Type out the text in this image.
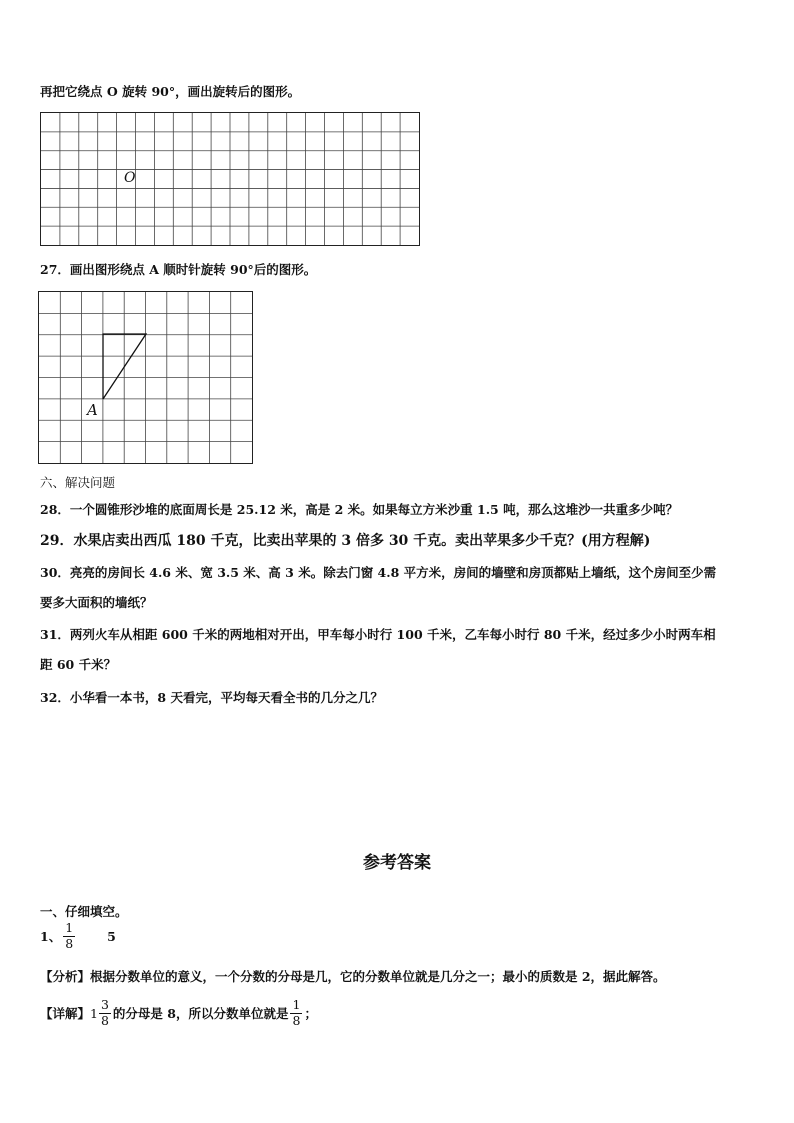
再把它绕点 O 旋转 90°，画出旋转后的图形。
O
27．画出图形绕点 A 顺时针旋转 90°后的图形。
A
六、解决问题
28．一个圆锥形沙堆的底面周长是 25.12 米，高是 2 米。如果每立方米沙重 1.5 吨，那么这堆沙一共重多少吨？
29．水果店卖出西瓜 180 千克，比卖出苹果的 3 倍多 30 千克。卖出苹果多少千克？(用方程解)
30．亮亮的房间长 4.6 米、宽 3.5 米、高 3 米。除去门窗 4.8 平方米，房间的墙壁和房顶都贴上墙纸，这个房间至少需
要多大面积的墙纸？
31．两列火车从相距 600 千米的两地相对开出，甲车每小时行 100 千米，乙车每小时行 80 千米，经过多少小时两车相
距 60 千米？
32．小华看一本书，8 天看完，平均每天看全书的几分之几？
参考答案
一、仔细填空。
1、 $\frac{1}{8}$	5
【分析】根据分数单位的意义，一个分数的分母是几，它的分数单位就是几分之一；最小的质数是 2，据此解答。
【详解】 $1 \frac{3}{8}$ 的分母是 8，所以分数单位就是 $\frac{1}{8}$ ；
